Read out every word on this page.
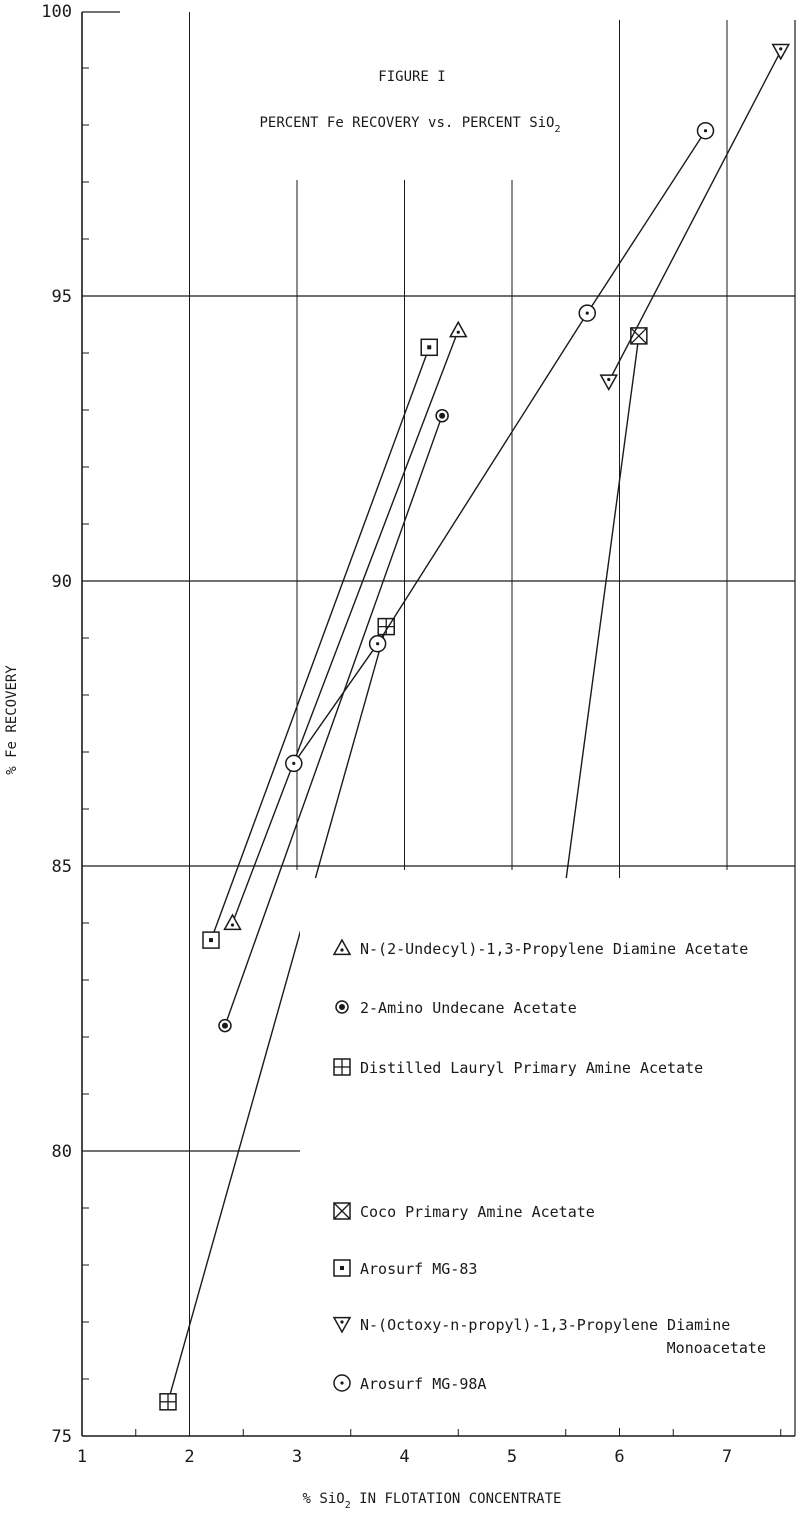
75
80
85
90
95
100
1	2	3	4	5	6	7
FIGURE I
PERCENT Fe RECOVERY vs. PERCENT SiO$_2$
N-(2-Undecyl)-1,3-Propylene Diamine Acetate
2-Amino Undecane Acetate
Distilled Lauryl Primary Amine Acetate
Coco Primary Amine Acetate
Arosurf MG-83
N-(Octoxy-n-propyl)-1,3-Propylene Diamine
Monoacetate
Arosurf MG-98A
% SiO$_2$ IN FLOTATION CONCENTRATE
% Fe RECOVERY
